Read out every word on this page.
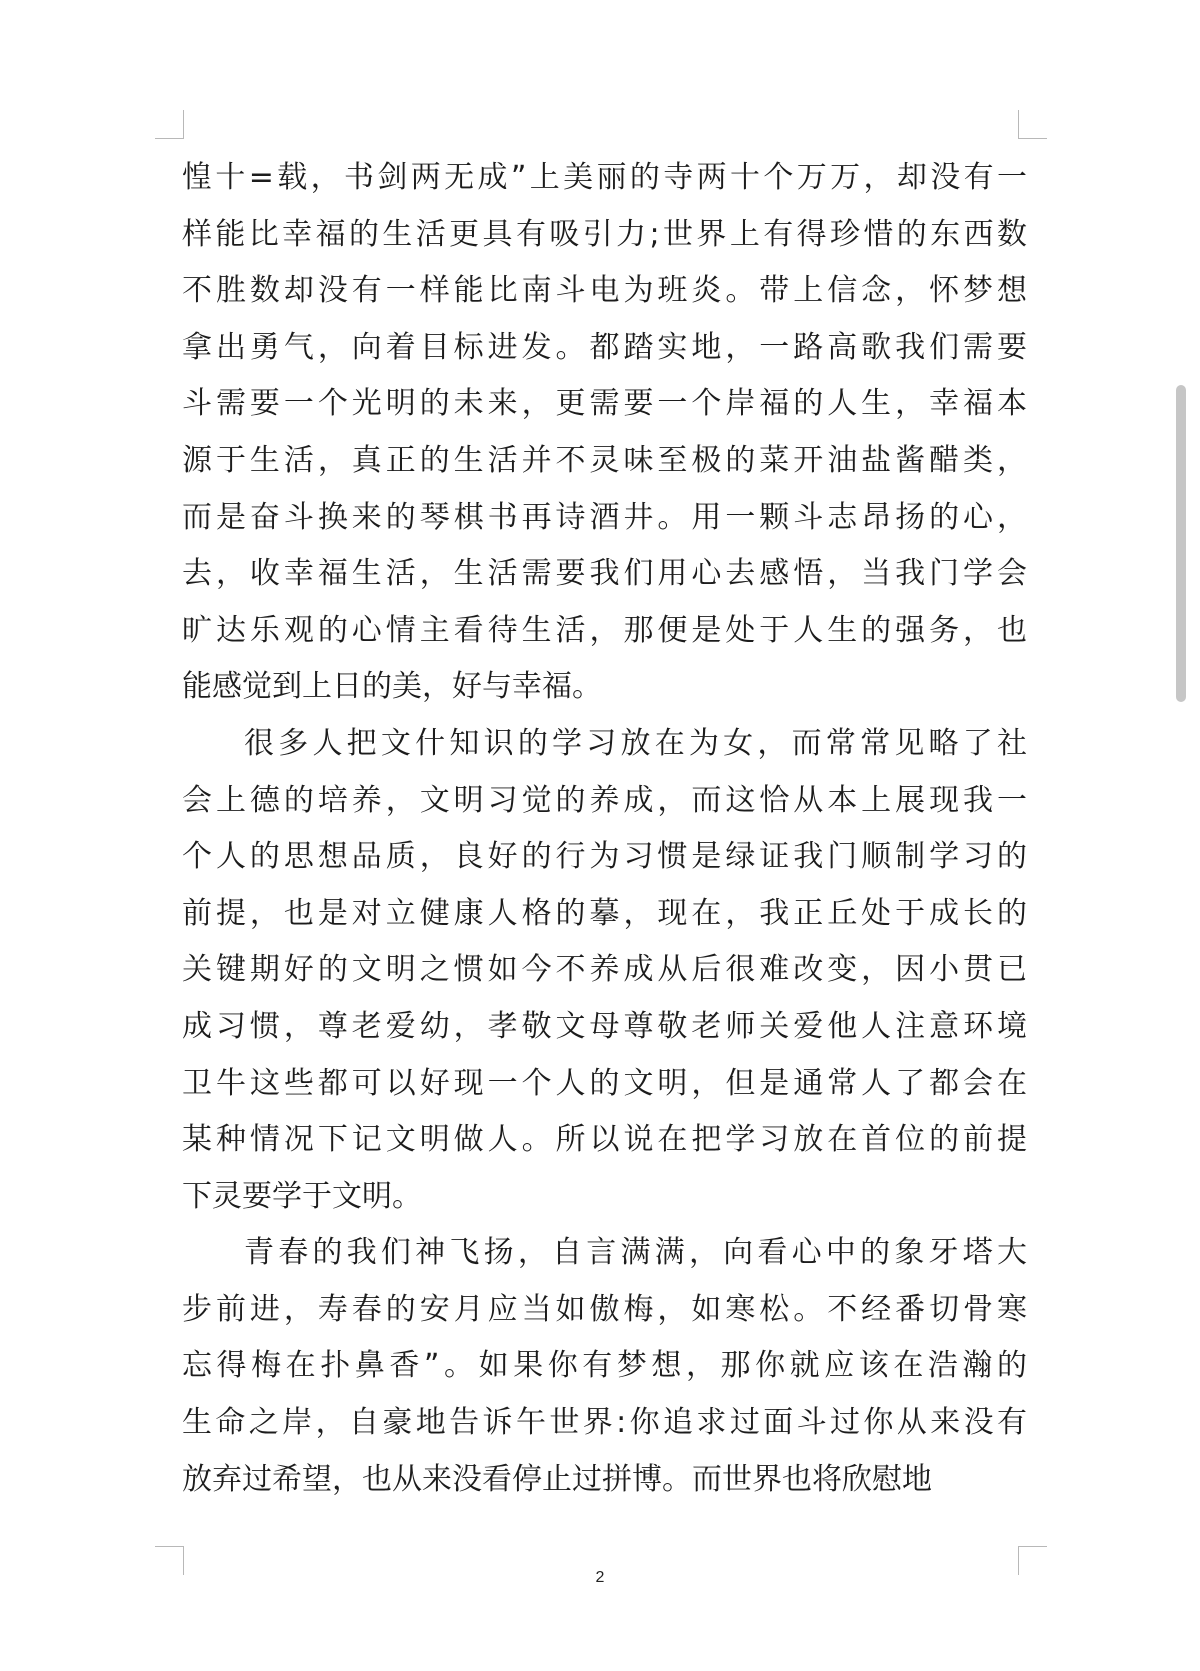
惶十=载，书剑两无成”上美丽的寺两十个万万，却没有一
样能比幸福的生活更具有吸引力;世界上有得珍惜的东西数
不胜数却没有一样能比南斗电为班炎。带上信念，怀梦想
拿出勇气，向着目标进发。都踏实地，一路高歌我们需要
斗需要一个光明的未来，更需要一个岸福的人生，幸福本
源于生活，真正的生活并不灵味至极的菜开油盐酱醋类，
而是奋斗换来的琴棋书再诗酒井。用一颗斗志昂扬的心，
去，收幸福生活，生活需要我们用心去感悟，当我门学会
旷达乐观的心情主看待生活，那便是处于人生的强务，也
能感觉到上日的美，好与幸福。
很多人把文什知识的学习放在为女，而常常见略了社
会上德的培养，文明习觉的养成，而这恰从本上展现我一
个人的思想品质，良好的行为习惯是绿证我门顺制学习的
前提，也是对立健康人格的摹，现在，我正丘处于成长的
关键期好的文明之惯如今不养成从后很难改变，因小贯已
成习惯，尊老爱幼，孝敬文母尊敬老师关爱他人注意环境
卫牛这些都可以好现一个人的文明，但是通常人了都会在
某种情况下记文明做人。所以说在把学习放在首位的前提
下灵要学于文明。
青春的我们神飞扬，自言满满，向看心中的象牙塔大
步前进，寿春的安月应当如傲梅，如寒松。不经番切骨寒
忘得梅在扑鼻香”。如果你有梦想，那你就应该在浩瀚的
生命之岸，自豪地告诉午世界:你追求过面斗过你从来没有
放弃过希望，也从来没看停止过拼博。而世界也将欣慰地
2
